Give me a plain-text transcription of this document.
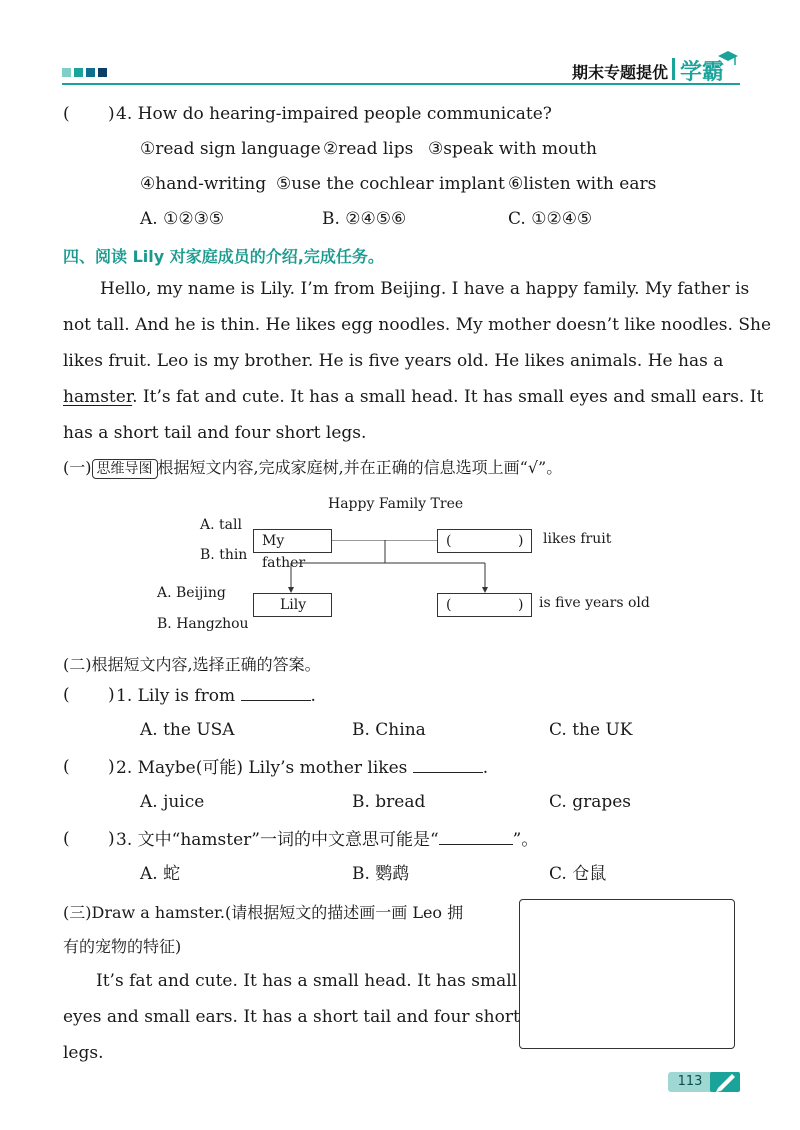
期末专题提优 学霸
( ) 4. How do hearing-impaired people communicate?
①read sign language ②read lips ③speak with mouth
④hand-writing ⑤use the cochlear implant ⑥listen with ears
A. ①②③⑤	B. ②④⑤⑥	C. ①②④⑤
四、阅读 Lily 对家庭成员的介绍,完成任务。
Hello, my name is Lily. I’m from Beijing. I have a happy family. My father is
not tall. And he is thin. He likes egg noodles. My mother doesn’t like noodles. She
likes fruit. Leo is my brother. He is five years old. He likes animals. He has a
hamster. It’s fat and cute. It has a small head. It has small eyes and small ears. It
has a short tail and four short legs.
(一) 思维导图 根据短文内容,完成家庭树,并在正确的信息选项上画“√”。
Happy Family Tree
A. tall
B. thin
My father
(	) likes fruit
A. Beijing
B. Hangzhou
Lily	(	) is five years old
(二)根据短文内容,选择正确的答案。
( ) 1. Lily is from	.
A. the USA	B. China	C. the UK
( ) 2. Maybe(可能) Lily’s mother likes	.
A. juice	B. bread	C. grapes
( ) 3. 文中“hamster”一词的中文意思可能是“	”。
A. 蛇	B. 鹦鹉	C. 仓鼠
(三)Draw a hamster.(请根据短文的描述画一画 Leo 拥
有的宠物的特征)
It’s fat and cute. It has a small head. It has small
eyes and small ears. It has a short tail and four short
legs.
113
